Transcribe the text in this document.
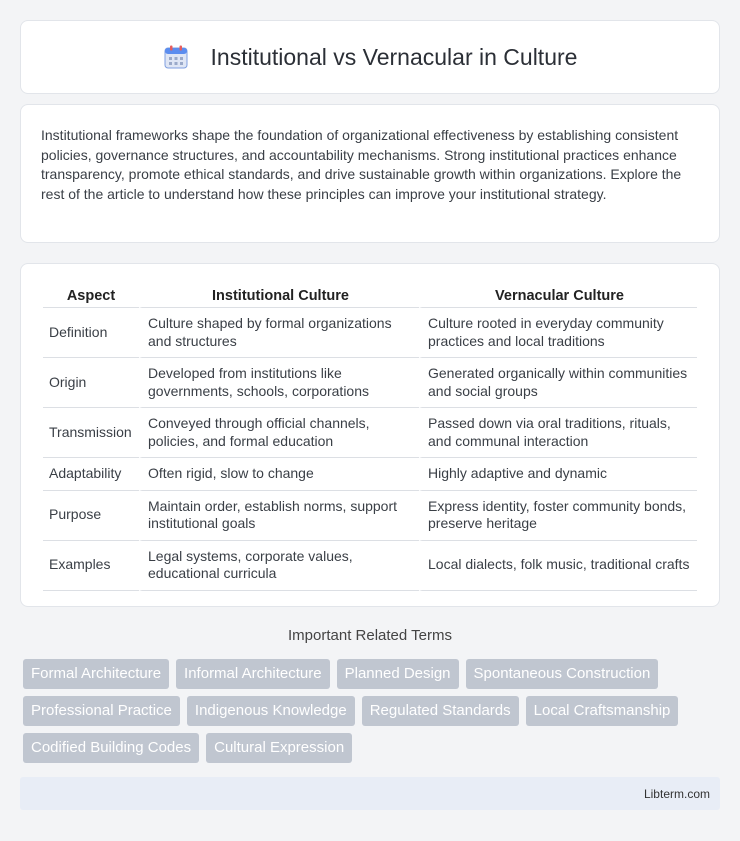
Institutional vs Vernacular in Culture

Institutional frameworks shape the foundation of organizational effectiveness by establishing consistent policies, governance structures, and accountability mechanisms. Strong institutional practices enhance transparency, promote ethical standards, and drive sustainable growth within organizations. Explore the rest of the article to understand how these principles can improve your institutional strategy.

Aspect	Institutional Culture	Vernacular Culture
Definition	Culture shaped by formal organizations and structures	Culture rooted in everyday community practices and local traditions
Origin	Developed from institutions like governments, schools, corporations	Generated organically within communities and social groups
Transmission	Conveyed through official channels, policies, and formal education	Passed down via oral traditions, rituals, and communal interaction
Adaptability	Often rigid, slow to change	Highly adaptive and dynamic
Purpose	Maintain order, establish norms, support institutional goals	Express identity, foster community bonds, preserve heritage
Examples	Legal systems, corporate values, educational curricula	Local dialects, folk music, traditional crafts
Important Related Terms
Formal Architecture	Informal Architecture	Planned Design	Spontaneous Construction
Professional Practice	Indigenous Knowledge	Regulated Standards	Local Craftsmanship
Codified Building Codes	Cultural Expression
Libterm.com
